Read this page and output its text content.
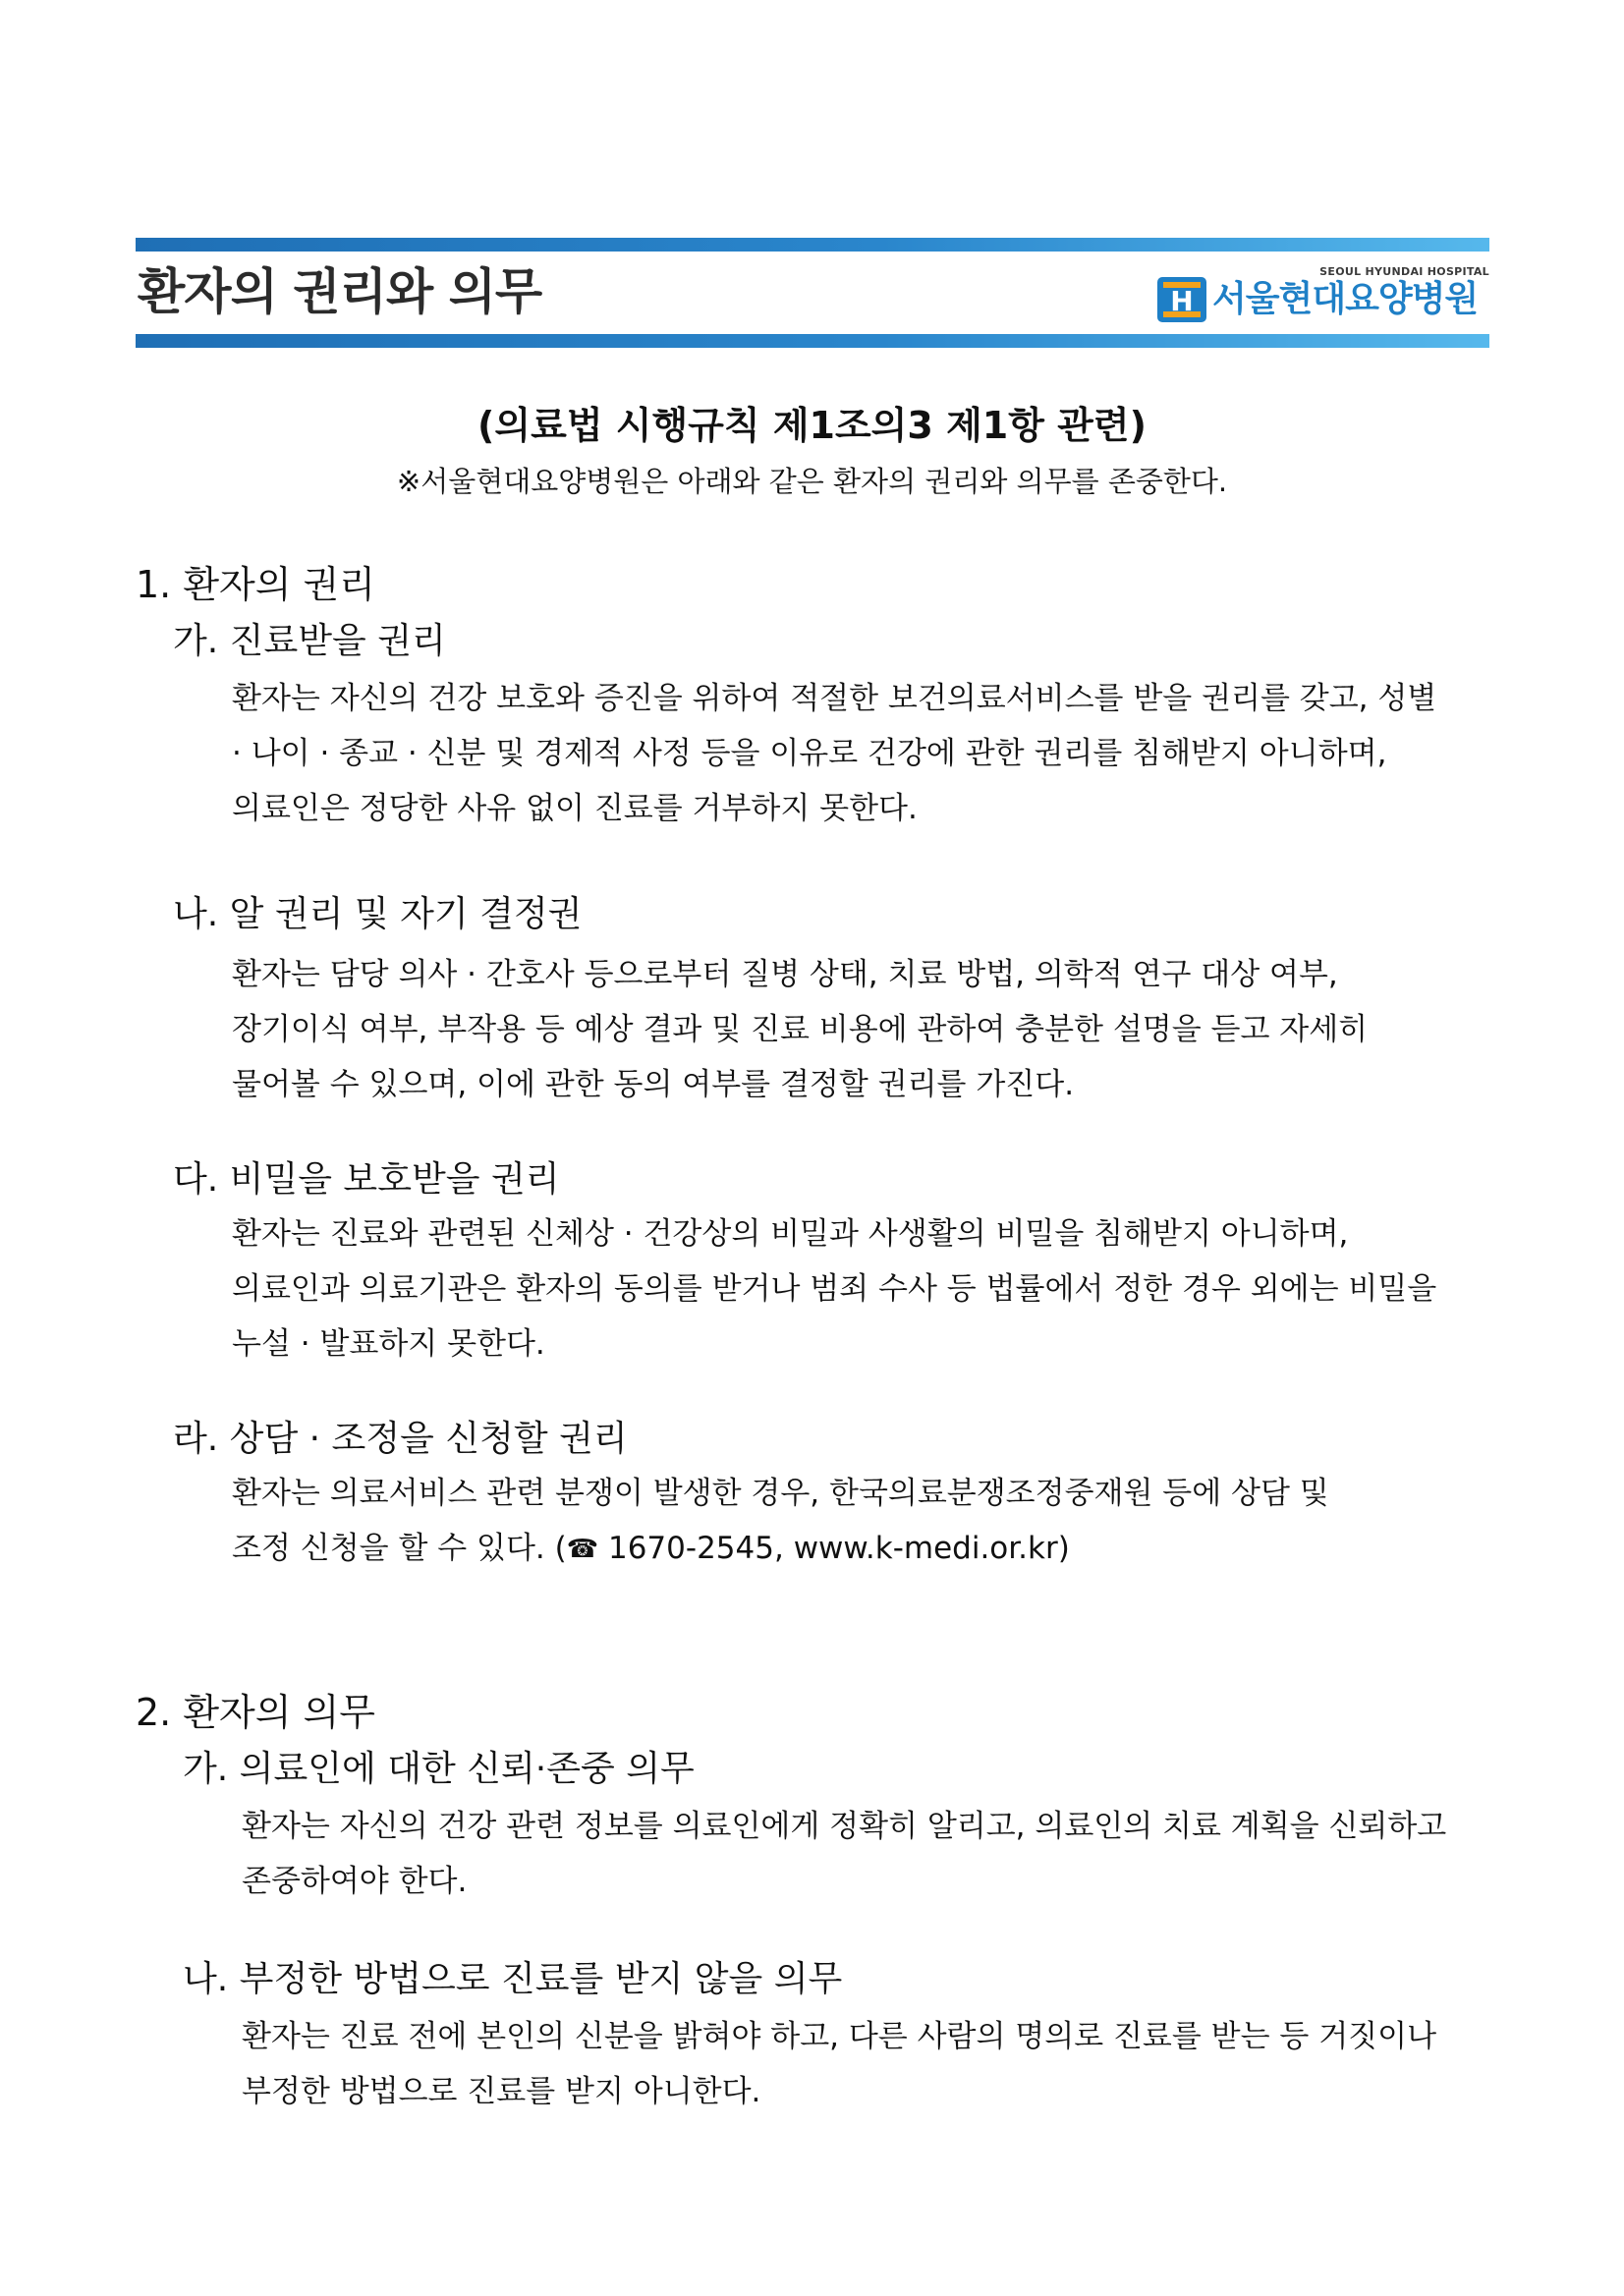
환자의 권리와 의무	SEOUL HYUNDAI HOSPITAL
H 서울현대요양병원
(의료법 시행규칙 제1조의3 제1항 관련)
※서울현대요양병원은 아래와 같은 환자의 권리와 의무를 존중한다.
1. 환자의 권리
가. 진료받을 권리
환자는 자신의 건강 보호와 증진을 위하여 적절한 보건의료서비스를 받을 권리를 갖고, 성별
· 나이 · 종교 · 신분 및 경제적 사정 등을 이유로 건강에 관한 권리를 침해받지 아니하며,
의료인은 정당한 사유 없이 진료를 거부하지 못한다.
나. 알 권리 및 자기 결정권
환자는 담당 의사 · 간호사 등으로부터 질병 상태, 치료 방법, 의학적 연구 대상 여부,
장기이식 여부, 부작용 등 예상 결과 및 진료 비용에 관하여 충분한 설명을 듣고 자세히
물어볼 수 있으며, 이에 관한 동의 여부를 결정할 권리를 가진다.
다. 비밀을 보호받을 권리
환자는 진료와 관련된 신체상 · 건강상의 비밀과 사생활의 비밀을 침해받지 아니하며,
의료인과 의료기관은 환자의 동의를 받거나 범죄 수사 등 법률에서 정한 경우 외에는 비밀을
누설 · 발표하지 못한다.
라. 상담 · 조정을 신청할 권리
환자는 의료서비스 관련 분쟁이 발생한 경우, 한국의료분쟁조정중재원 등에 상담 및
조정 신청을 할 수 있다. (☎ 1670-2545, www.k-medi.or.kr)
2. 환자의 의무
가. 의료인에 대한 신뢰·존중 의무
환자는 자신의 건강 관련 정보를 의료인에게 정확히 알리고, 의료인의 치료 계획을 신뢰하고
존중하여야 한다.
나. 부정한 방법으로 진료를 받지 않을 의무
환자는 진료 전에 본인의 신분을 밝혀야 하고, 다른 사람의 명의로 진료를 받는 등 거짓이나
부정한 방법으로 진료를 받지 아니한다.
